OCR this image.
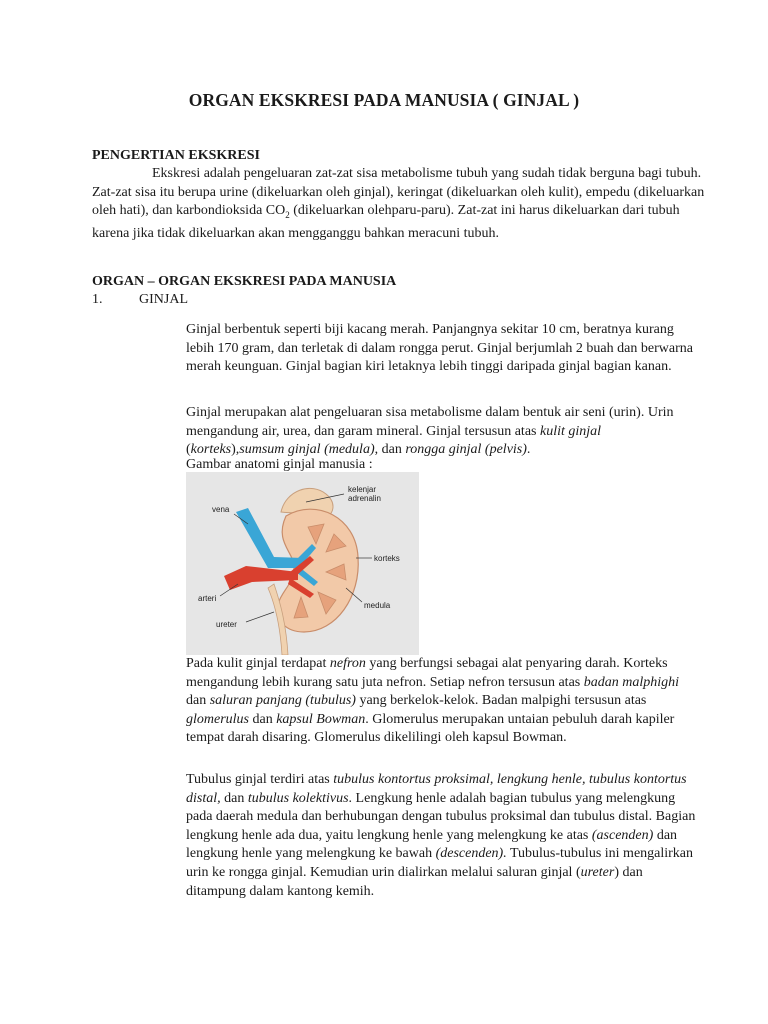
ORGAN EKSKRESI PADA MANUSIA ( GINJAL )
PENGERTIAN EKSKRESI
Ekskresi adalah pengeluaran zat-zat sisa metabolisme tubuh yang sudah tidak berguna bagi tubuh. Zat-zat sisa itu berupa urine (dikeluarkan oleh ginjal), keringat (dikeluarkan oleh kulit), empedu (dikeluarkan oleh hati), dan karbondioksida $CO_2$ (dikeluarkan olehparu-paru). Zat-zat ini harus dikeluarkan dari tubuh karena jika tidak dikeluarkan akan mengganggu bahkan meracuni tubuh.
ORGAN – ORGAN EKSKRESI PADA MANUSIA
1.	GINJAL
Ginjal berbentuk seperti biji kacang merah. Panjangnya sekitar 10 cm, beratnya kurang lebih 170 gram, dan terletak di dalam rongga perut. Ginjal berjumlah 2 buah dan berwarna merah keunguan. Ginjal bagian kiri letaknya lebih tinggi daripada ginjal bagian kanan.
Ginjal merupakan alat pengeluaran sisa metabolisme dalam bentuk air seni (urin). Urin mengandung air, urea, dan garam mineral. Ginjal tersusun atas kulit ginjal (korteks),sumsum ginjal (medula), dan rongga ginjal (pelvis).
Gambar anatomi ginjal manusia :
kelenjar
adrenalin
vena
korteks
arteri
medula
ureter
Pada kulit ginjal terdapat nefron yang berfungsi sebagai alat penyaring darah. Korteks mengandung lebih kurang satu juta nefron. Setiap nefron tersusun atas badan malphighi dan saluran panjang (tubulus) yang berkelok-kelok. Badan malpighi tersusun atas glomerulus dan kapsul Bowman. Glomerulus merupakan untaian pebuluh darah kapiler tempat darah disaring. Glomerulus dikelilingi oleh kapsul Bowman.
Tubulus ginjal terdiri atas tubulus kontortus proksimal, lengkung henle, tubulus kontortus distal, dan tubulus kolektivus. Lengkung henle adalah bagian tubulus yang melengkung pada daerah medula dan berhubungan dengan tubulus proksimal dan tubulus distal. Bagian lengkung henle ada dua, yaitu lengkung henle yang melengkung ke atas (ascenden) dan lengkung henle yang melengkung ke bawah (descenden). Tubulus-tubulus ini mengalirkan urin ke rongga ginjal. Kemudian urin dialirkan melalui saluran ginjal (ureter) dan ditampung dalam kantong kemih.
